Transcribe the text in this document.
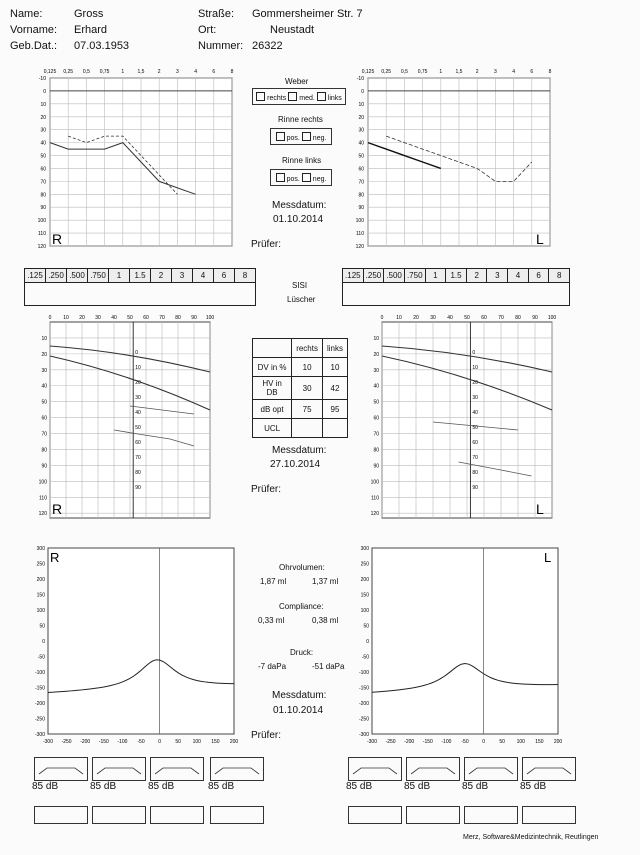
Name:	Gross
Vorname: Erhard
Geb.Dat.: 07.03.1953
Straße: Gommersheimer Str. 7
Ort:	Neustadt
Nummer: 26322
0,125 0,25 0,5 0,75 1	1,5	2	3	4	6	8
-10
0
10
20
30
40
50
60
70
80
90
100
110
120 R
0,125 0,25 0,5 0,75 1	1,5	2	3	4	6	8
-10
0
10
20
30
40
50
60
70
80
90
100
110
120	L
Weber
rechts	med.	links
Rinne rechts
pos.	neg.
Rinne links
pos.	neg.
Messdatum:
01.10.2014
Prüfer:
.125 .250 .500 .750	1	1.5	2	3	4	6	8	.125 .250 .500 .750	1	1.5	2	3	4	6	8
SISI
Lüscher
0 10 20 30 40 50 60 70 80 90 100
10
20
30
40
50
60
70
80
90
100
110
120
0
10
20
30
40
50
60
70
80
90
R
0	10 20 30 40 50 60 70 80 90 100
10
20
30
40
50
60
70
80
90
100
110
120
0
10
20
30
40
50
60
70
80
90
L
	rechts	links
DV in %	10	10
HV in DB	30	42
dB opt	75	95
UCL		
Messdatum:
27.10.2014
Prüfer:
300
250
200
150
100
50
0
-50
-100
-150
-200
-250
-300
-300 -250 -200 -150 -100 -50	0	50 100 150 200
R
300
250
200
150
100
50
0
-50
-100
-150
-200
-250
-300
-300 -250 -200 -150 -100 -50	0	50 100 150 200
L
Ohrvolumen:
1,87 ml	1,37 ml
Compliance:
0,33 ml	0,38 ml
Druck:
-7 daPa	-51 daPa
Messdatum:
01.10.2014
Prüfer:
85 dB	85 dB	85 dB	85 dB	85 dB	85 dB	85 dB	85 dB
Merz, Software&Medizintechnik, Reutlingen
